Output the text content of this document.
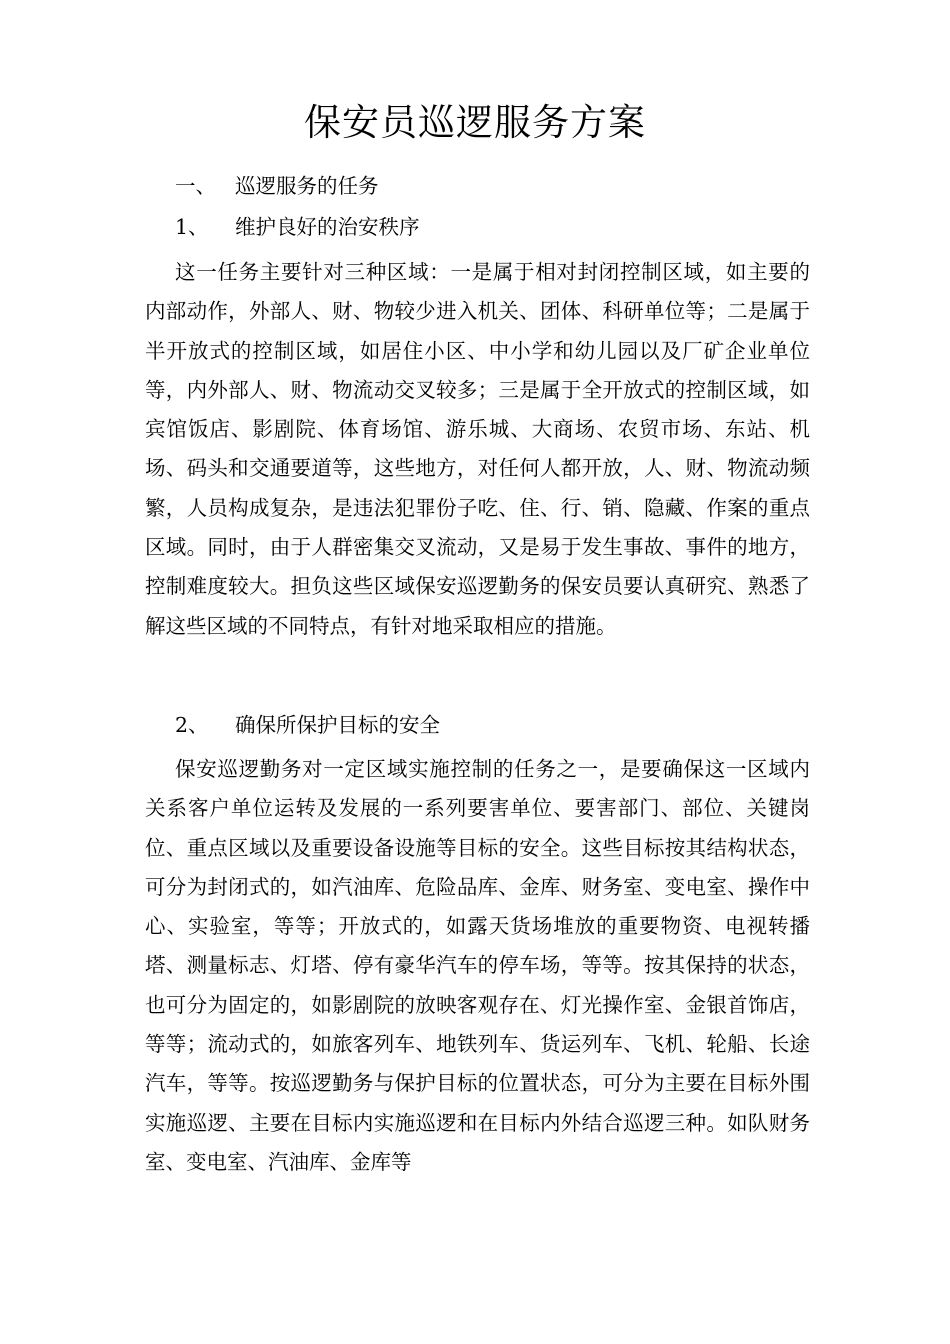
保安员巡逻服务方案
一、 巡逻服务的任务
1、 维护良好的治安秩序
这一任务主要针对三种区域：一是属于相对封闭控制区域，如主要的内部动作，外部人、财、物较少进入机关、团体、科研单位等；二是属于半开放式的控制区域，如居住小区、中小学和幼儿园以及厂矿企业单位等，内外部人、财、物流动交叉较多；三是属于全开放式的控制区域，如宾馆饭店、影剧院、体育场馆、游乐城、大商场、农贸市场、东站、机场、码头和交通要道等，这些地方，对任何人都开放，人、财、物流动频繁，人员构成复杂，是违法犯罪份子吃、住、行、销、隐藏、作案的重点区域。同时，由于人群密集交叉流动，又是易于发生事故、事件的地方，控制难度较大。担负这些区域保安巡逻勤务的保安员要认真研究、熟悉了解这些区域的不同特点，有针对地采取相应的措施。
2、 确保所保护目标的安全
保安巡逻勤务对一定区域实施控制的任务之一，是要确保这一区域内关系客户单位运转及发展的一系列要害单位、要害部门、部位、关键岗位、重点区域以及重要设备设施等目标的安全。这些目标按其结构状态，可分为封闭式的，如汽油库、危险品库、金库、财务室、变电室、操作中心、实验室，等等；开放式的，如露天货场堆放的重要物资、电视转播塔、测量标志、灯塔、停有豪华汽车的停车场，等等。按其保持的状态，也可分为固定的，如影剧院的放映客观存在、灯光操作室、金银首饰店，等等；流动式的，如旅客列车、地铁列车、货运列车、飞机、轮船、长途汽车，等等。按巡逻勤务与保护目标的位置状态，可分为主要在目标外围实施巡逻、主要在目标内实施巡逻和在目标内外结合巡逻三种。如队财务室、变电室、汽油库、金库等
